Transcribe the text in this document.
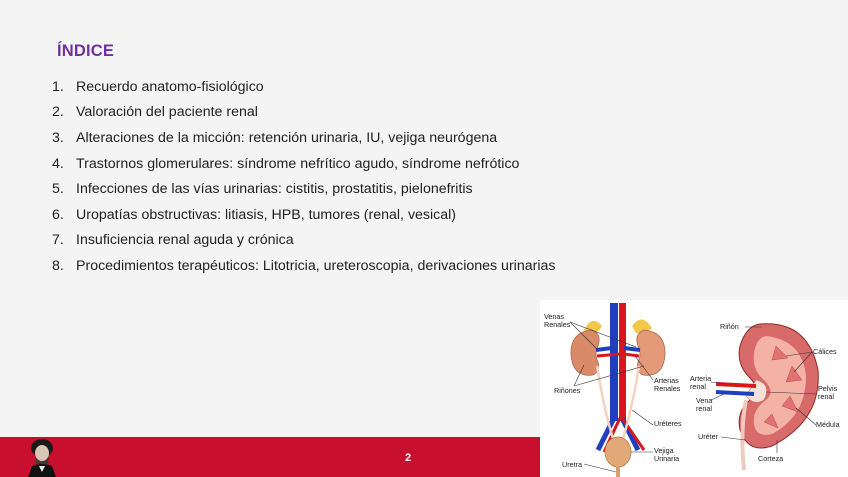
ÍNDICE
1. Recuerdo anatomo-fisiológico
2. Valoración del paciente renal
3. Alteraciones de la micción: retención urinaria, IU, vejiga neurógena
4. Trastornos glomerulares: síndrome nefrítico agudo, síndrome nefrótico
5. Infecciones de las vías urinarias: cistitis, prostatitis, pielonefritis
6. Uropatías obstructivas: litiasis, HPB, tumores (renal, vesical)
7. Insuficiencia renal aguda y crónica
8. Procedimientos terapéuticos: Litotricia, ureteroscopia, derivaciones urinarias
2
Venas
Renales
Riñones
Arterias
Renales
Uréteres
Vejiga
Urinaria
Uretra
Riñón
Cálices
Arteria
renal	Pelvis
renal
Vena
renal
Médula
Uréter
Corteza
